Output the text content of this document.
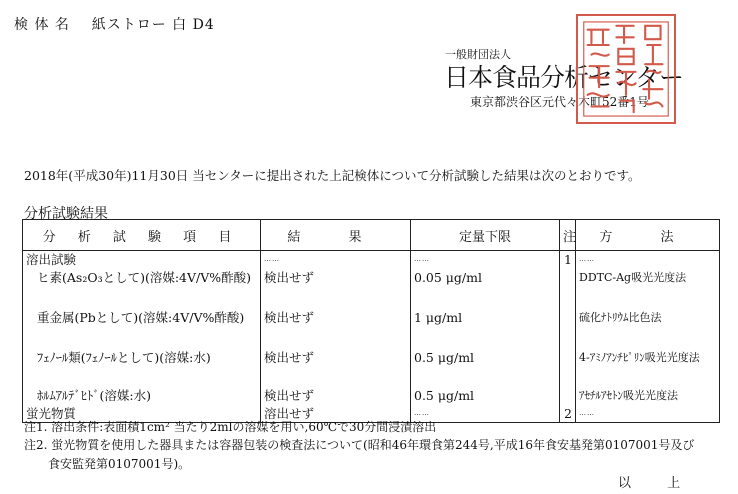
検 体 名 紙ストロー 白 D4
一般財団法人
日本食品分析センター
東京都渋谷区元代々木町52番1号
2018年(平成30年)11月30日 当センターに提出された上記検体について分析試験した結果は次のとおりです。
分析試験結果
分 析 試 験 項 目	結 果	定量下限	注	方 法
溶出試験	……	……	1	……
ヒ素(As₂O₃として)(溶媒:4V/V%酢酸)	検出せず	0.05 μg/ml		DDTC-Ag吸光光度法
重金属(Pbとして)(溶媒:4V/V%酢酸)	検出せず	1 μg/ml		硫化ﾅﾄﾘｳﾑ比色法
ﾌｪﾉｰﾙ類(ﾌｪﾉｰﾙとして)(溶媒:水)	検出せず	0.5 μg/ml		4-ｱﾐﾉｱﾝﾁﾋﾟﾘﾝ吸光光度法
ﾎﾙﾑｱﾙﾃﾞﾋﾄﾞ(溶媒:水)	検出せず	0.5 μg/ml		ｱｾﾁﾙｱｾﾄﾝ吸光光度法
蛍光物質	溶出せず	……	2	……
注1. 溶出条件:表面積1cm² 当たり2mlの溶媒を用い,60℃で30分間浸漬溶出
注2. 蛍光物質を使用した器具または容器包装の検査法について(昭和46年環食第244号,平成16年食安基発第0107001号及び
食安監発第0107001号)。
以 上
